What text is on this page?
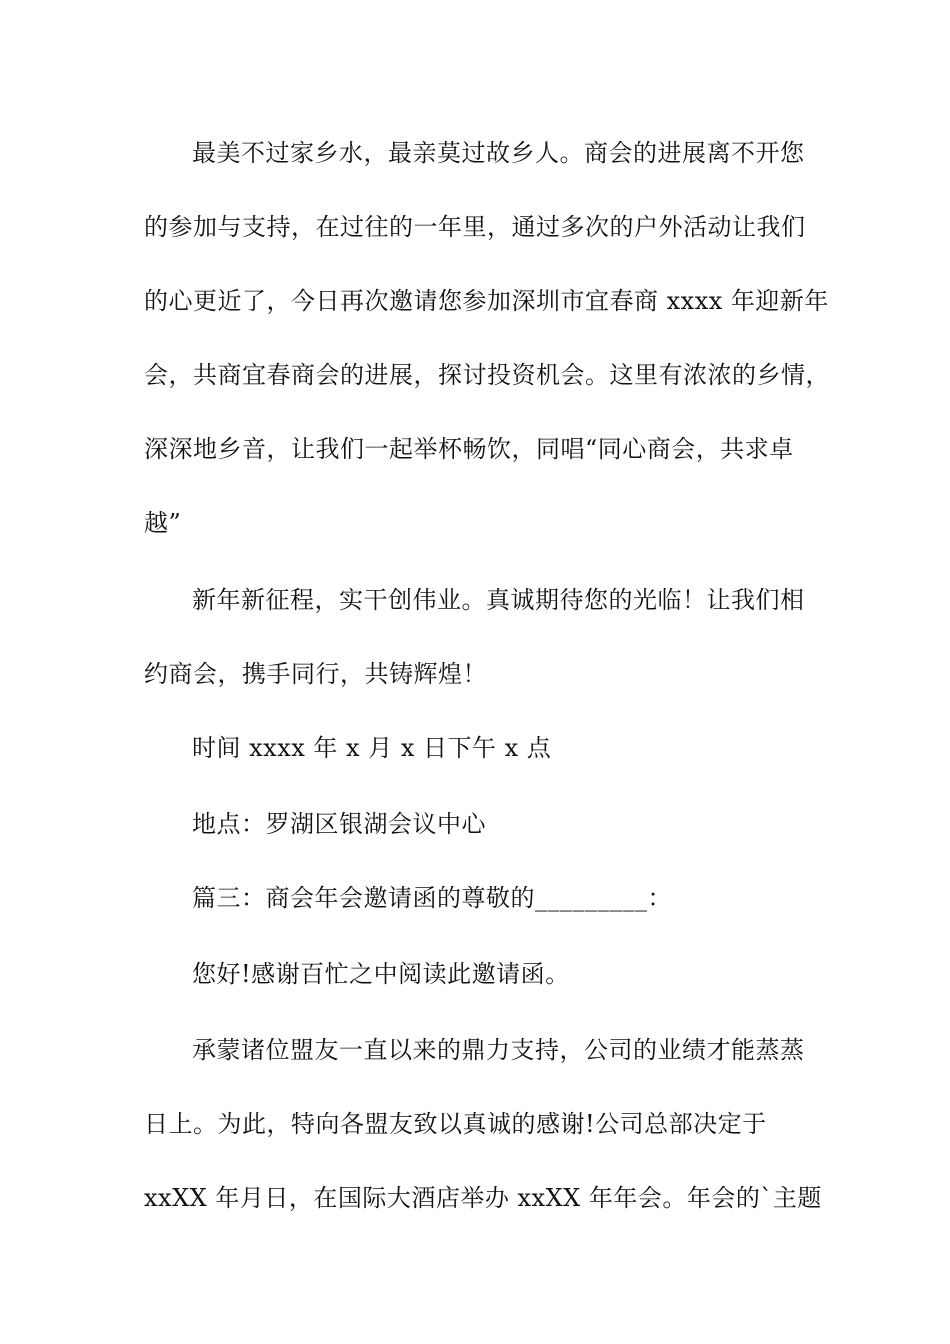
最美不过家乡水，最亲莫过故乡人。商会的进展离不开您
的参加与支持，在过往的一年里，通过多次的户外活动让我们
的心更近了，今日再次邀请您参加深圳市宜春商 xxxx 年迎新年
会，共商宜春商会的进展，探讨投资机会。这里有浓浓的乡情，
深深地乡音，让我们一起举杯畅饮，同唱“同心商会，共求卓
越”
新年新征程，实干创伟业。真诚期待您的光临！让我们相
约商会，携手同行，共铸辉煌！
时间 xxxx 年 x 月 x 日下午 x 点
地点：罗湖区银湖会议中心
篇三：商会年会邀请函的尊敬的_________：
您好!感谢百忙之中阅读此邀请函。
承蒙诸位盟友一直以来的鼎力支持，公司的业绩才能蒸蒸
日上。为此，特向各盟友致以真诚的感谢!公司总部决定于
xxXX 年月日，在国际大酒店举办 xxXX 年年会。年会的`主题
